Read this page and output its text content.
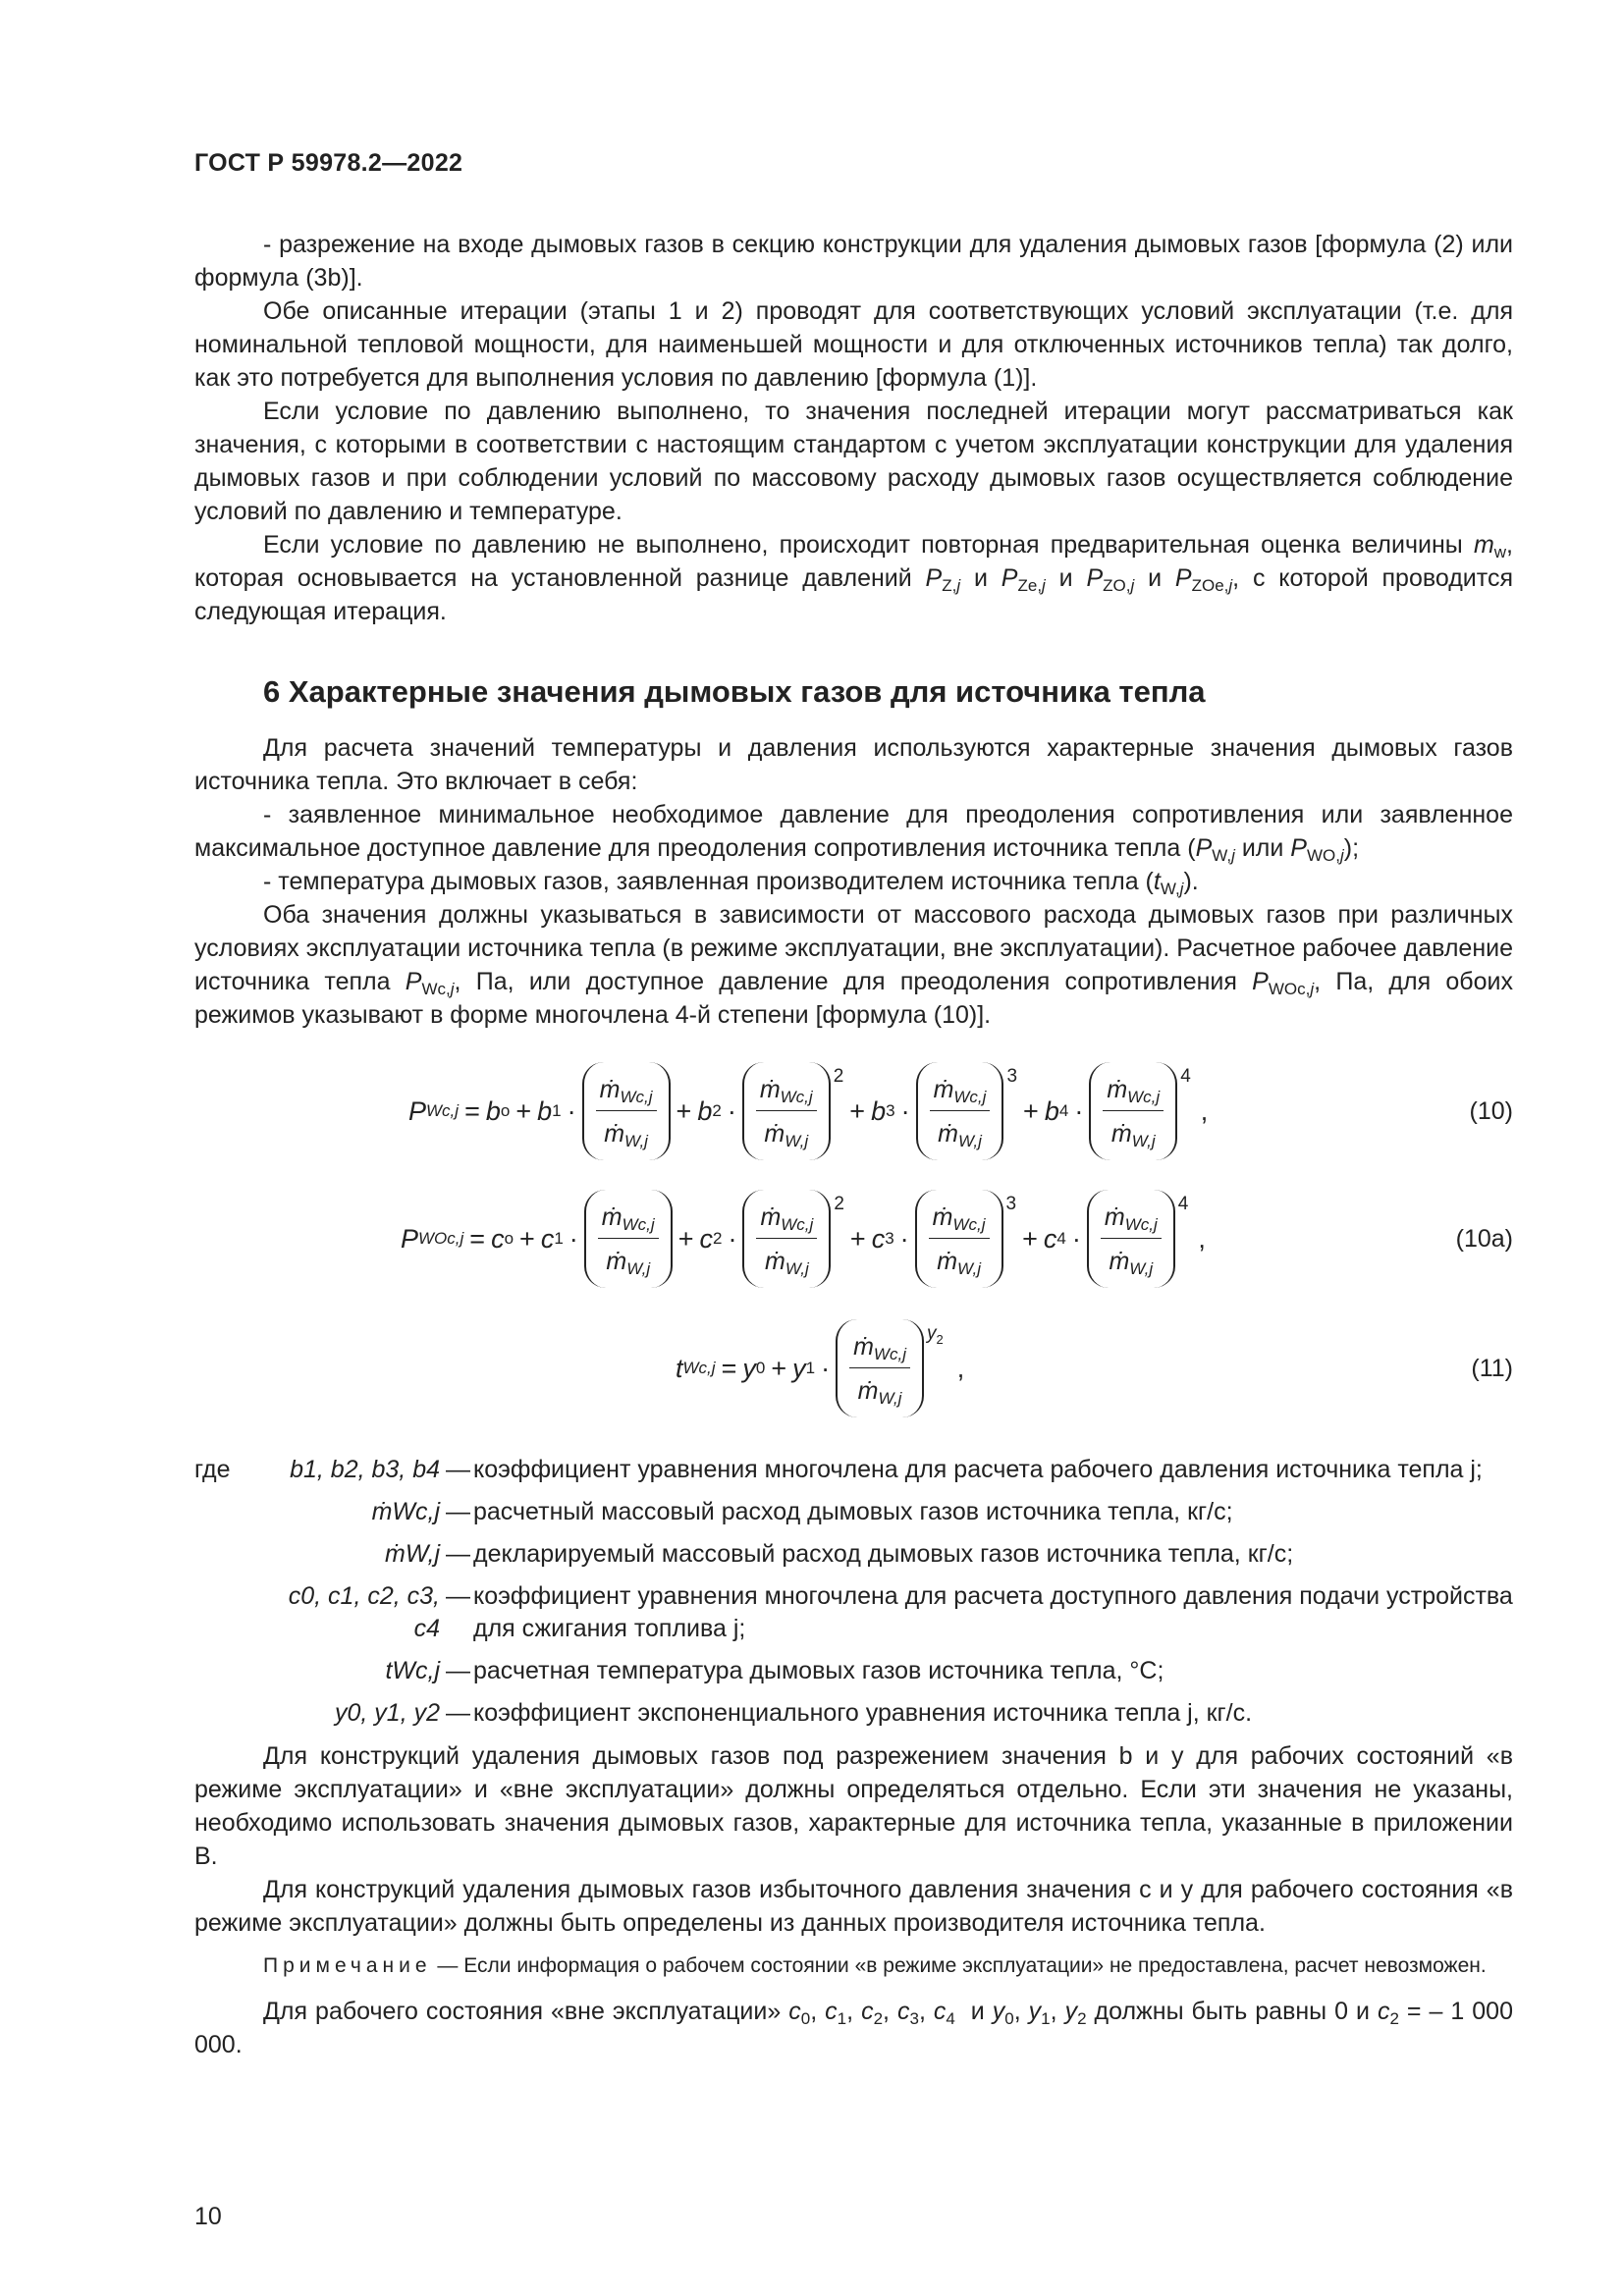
ГОСТ Р 59978.2—2022

- разрежение на входе дымовых газов в секцию конструкции для удаления дымовых газов [формула (2) или формула (3b)].

Обе описанные итерации (этапы 1 и 2) проводят для соответствующих условий эксплуатации (т.е. для номинальной тепловой мощности, для наименьшей мощности и для отключенных источников тепла) так долго, как это потребуется для выполнения условия по давлению [формула (1)].

Если условие по давлению выполнено, то значения последней итерации могут рассматриваться как значения, с которыми в соответствии с настоящим стандартом с учетом эксплуатации конструкции для удаления дымовых газов и при соблюдении условий по массовому расходу дымовых газов осуществляется соблюдение условий по давлению и температуре.

Если условие по давлению не выполнено, происходит повторная предварительная оценка величины $m_w$, которая основывается на установленной разнице давлений $P_{Z,j}$ и $P_{Ze,j}$ и $P_{ZO,j}$ и $P_{ZOe,j}$, с которой проводится следующая итерация.

6 Характерные значения дымовых газов для источника тепла

Для расчета значений температуры и давления используются характерные значения дымовых газов источника тепла. Это включает в себя:

- заявленное минимальное необходимое давление для преодоления сопротивления или заявленное максимальное доступное давление для преодоления сопротивления источника тепла ($P_{W,j}$ или $P_{WO,j}$);

- температура дымовых газов, заявленная производителем источника тепла $(t_{W,j})$.

Оба значения должны указываться в зависимости от массового расхода дымовых газов при различных условиях эксплуатации источника тепла (в режиме эксплуатации, вне эксплуатации). Расчетное рабочее давление источника тепла $P_{Wc,j}$, Па, или доступное давление для преодоления сопротивления $P_{WOc,j}$, Па, для обоих режимов указывают в форме многочлена 4-й степени [формула (10)].

P Wc,j = b o + b $1 \cdot \frac{ṁ_{Wc,j}}{ṁ_{W,j}} + b$ $2 \cdot \frac{ṁ_{Wc,j}}{ṁ_{W,j}} 2$
+ b $3 \cdot \frac{ṁ_{Wc,j}}{ṁ_{W,j}} 3$
+ b $4 \cdot \frac{ṁ_{Wc,j}}{ṁ_{W,j}} 4$
,	(10)
P WOc,j = c o + c $1 \cdot \frac{ṁ_{Wc,j}}{ṁ_{W,j}} + c$ $2 \cdot \frac{ṁ_{Wc,j}}{ṁ_{W,j}} 2$
+ c $3 \cdot \frac{ṁ_{Wc,j}}{ṁ_{W,j}} 3$
+ c $4 \cdot \frac{ṁ_{Wc,j}}{ṁ_{W,j}} 4$
,	(10a)
t Wc,j = y 0 + y $1 \cdot \frac{ṁ_{Wc,j}}{ṁ_{W,j}} y_2$
,	(11)
где	b1, b2, b3, b4 — коэффициент уравнения многочлена для расчета рабочего давления источника тепла j;
ṁWc,j — расчетный массовый расход дымовых газов источника тепла, кг/с;
ṁW,j — декларируемый массовый расход дымовых газов источника тепла, кг/с;
c0, c1, c2, c3, c4
— коэффициент уравнения многочлена для расчета доступного давления подачи устройства для сжигания топлива j;
tWc,j — расчетная температура дымовых газов источника тепла, °С;
y0, y1, y2 — коэффициент экспоненциального уравнения источника тепла j, кг/с.

Для конструкций удаления дымовых газов под разрежением значения b и y для рабочих состояний «в режиме эксплуатации» и «вне эксплуатации» должны определяться отдельно. Если эти значения не указаны, необходимо использовать значения дымовых газов, характерные для источника тепла, указанные в приложении В.

Для конструкций удаления дымовых газов избыточного давления значения c и y для рабочего состояния «в режиме эксплуатации» должны быть определены из данных производителя источника тепла.

Примечание — Если информация о рабочем состоянии «в режиме эксплуатации» не предоставлена, расчет невозможен.

Для рабочего состояния «вне эксплуатации» $c_0$, $c_1$, $c_2$, $c_3$, $c_4$  и $y_0$, $y_1$, $y_2$ должны быть равны 0 и $c_2$ = – 1 000 000.

10
